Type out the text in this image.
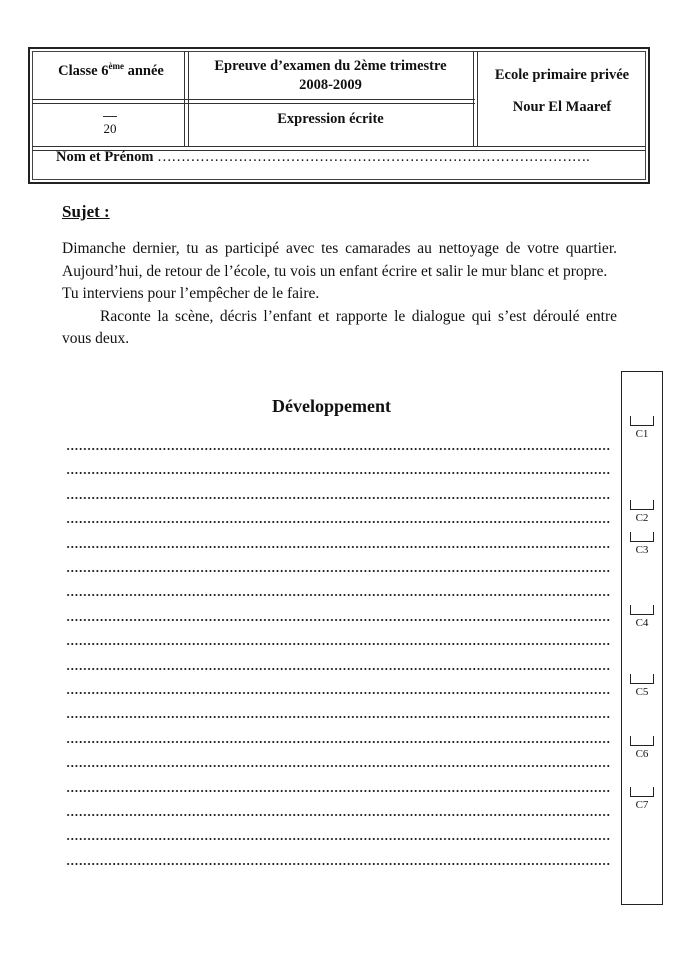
Classe 6ème année	Epreuve d’examen du 2ème trimestre
2008-2009
Ecole primaire privée
Nour El Maaref
20
Expression écrite
Nom et Prénom ……………………………………………………………………………….
Sujet :

Dimanche dernier, tu as participé avec tes camarades au nettoyage de votre quartier. Aujourd’hui, de retour de l’école, tu vois un enfant écrire et salir le mur blanc et propre.

Tu interviens pour l’empêcher de le faire.

Raconte la scène, décris l’enfant et rapporte le dialogue qui s’est déroulé entre vous deux.

Développement
C1
C2
C3
C4
C5
C6
C7
